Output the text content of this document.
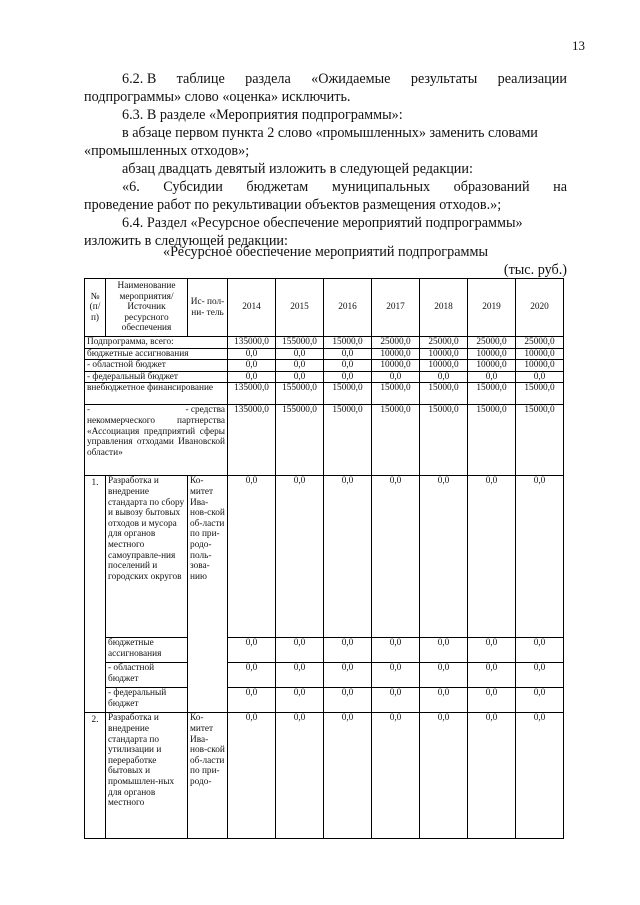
13
6.2. В таблице раздела «Ожидаемые результаты реализации
подпрограммы» слово «оценка» исключить.
6.3. В разделе «Мероприятия подпрограммы»:
в абзаце первом пункта 2 слово «промышленных» заменить словами
«промышленных отходов»;
абзац двадцать девятый изложить в следующей редакции:
«6. Субсидии бюджетам муниципальных образований на
проведение работ по рекультивации объектов размещения отходов.»;
6.4. Раздел «Ресурсное обеспечение мероприятий подпрограммы»
изложить в следующей редакции:
«Ресурсное обеспечение мероприятий подпрограммы
(тыс. руб.)
№ (п/п)	Наименование мероприятия/ Источник ресурсного обеспечения	Ис- пол- ни- тель	2014	2015	2016	2017	2018	2019	2020
Подпрограмма, всего:			135000,0	155000,0	15000,0	25000,0	25000,0	25000,0	25000,0
бюджетные ассигнования			0,0	0,0	0,0	10000,0	10000,0	10000,0	10000,0
- областной бюджет			0,0	0,0	0,0	10000,0	10000,0	10000,0	10000,0
- федеральный бюджет			0,0	0,0	0,0	0,0	0,0	0,0	0,0
внебюджетное финансирование			135000,0	155000,0	15000,0	15000,0	15000,0	15000,0	15000,0

- - средства
некоммерческого партнерства «Ассоциация предприятий сферы управления отходами Ивановской области»			135000,0	155000,0	15000,0	15000,0	15000,0	15000,0	15000,0
1.	Разработка и внедрение стандарта по сбору и вывозу бытовых отходов и мусора для органов местного самоуправле-ния поселений и городских округов	Ко-митет Ива-нов-ской об-ласти по при-родо-поль-зова-нию	0,0	0,0	0,0	0,0	0,0	0,0	0,0
	бюджетные ассигнования		0,0	0,0	0,0	0,0	0,0	0,0	0,0
	- областной бюджет		0,0	0,0	0,0	0,0	0,0	0,0	0,0
	- федеральный бюджет		0,0	0,0	0,0	0,0	0,0	0,0	0,0
2.	Разработка и внедрение стандарта по утилизации и переработке бытовых и промышлен-ных для органов местного	Ко-митет Ива-нов-ской об-ласти по при-родо-	0,0	0,0	0,0	0,0	0,0	0,0	0,0
